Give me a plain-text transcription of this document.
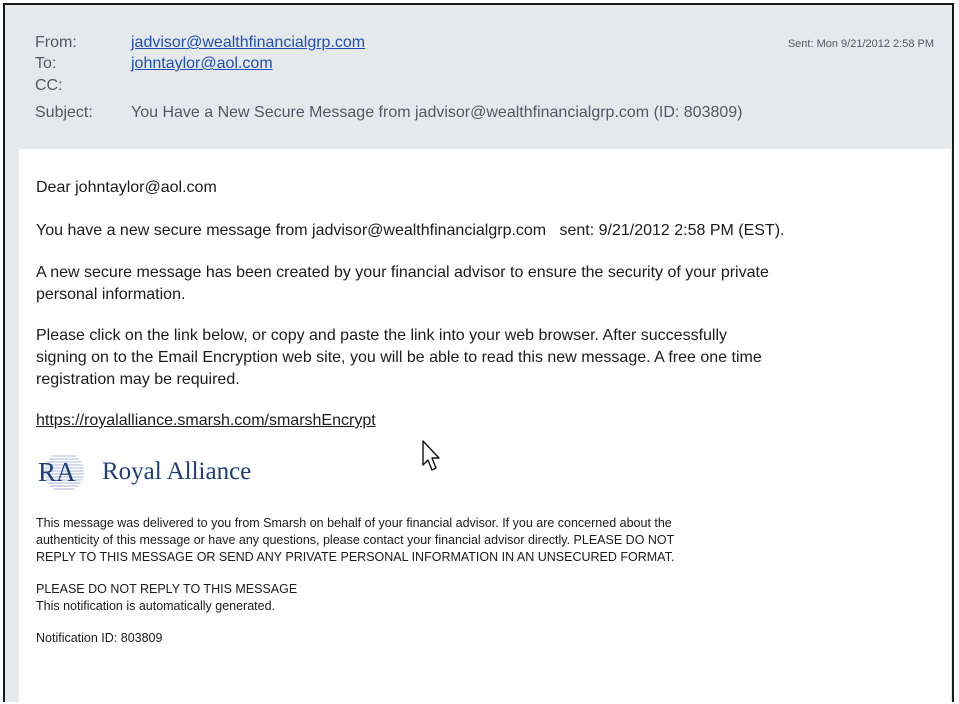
From:	jadvisor@wealthfinancialgrp.com	Sent: Mon 9/21/2012 2:58 PM
To:	johntaylor@aol.com
CC:
Subject: You Have a New Secure Message from jadvisor@wealthfinancialgrp.com (ID: 803809)
Dear johntaylor@aol.com
You have a new secure message from jadvisor@wealthfinancialgrp.com   sent: 9/21/2012 2:58 PM (EST).
A new secure message has been created by your financial advisor to ensure the security of your private
personal information.
Please click on the link below, or copy and paste the link into your web browser. After successfully
signing on to the Email Encryption web site, you will be able to read this new message. A free one time
registration may be required.
https://royalalliance.smarsh.com/smarshEncrypt
RA Royal Alliance
This message was delivered to you from Smarsh on behalf of your financial advisor. If you are concerned about the
authenticity of this message or have any questions, please contact your financial advisor directly. PLEASE DO NOT
REPLY TO THIS MESSAGE OR SEND ANY PRIVATE PERSONAL INFORMATION IN AN UNSECURED FORMAT.
PLEASE DO NOT REPLY TO THIS MESSAGE
This notification is automatically generated.
Notification ID: 803809
